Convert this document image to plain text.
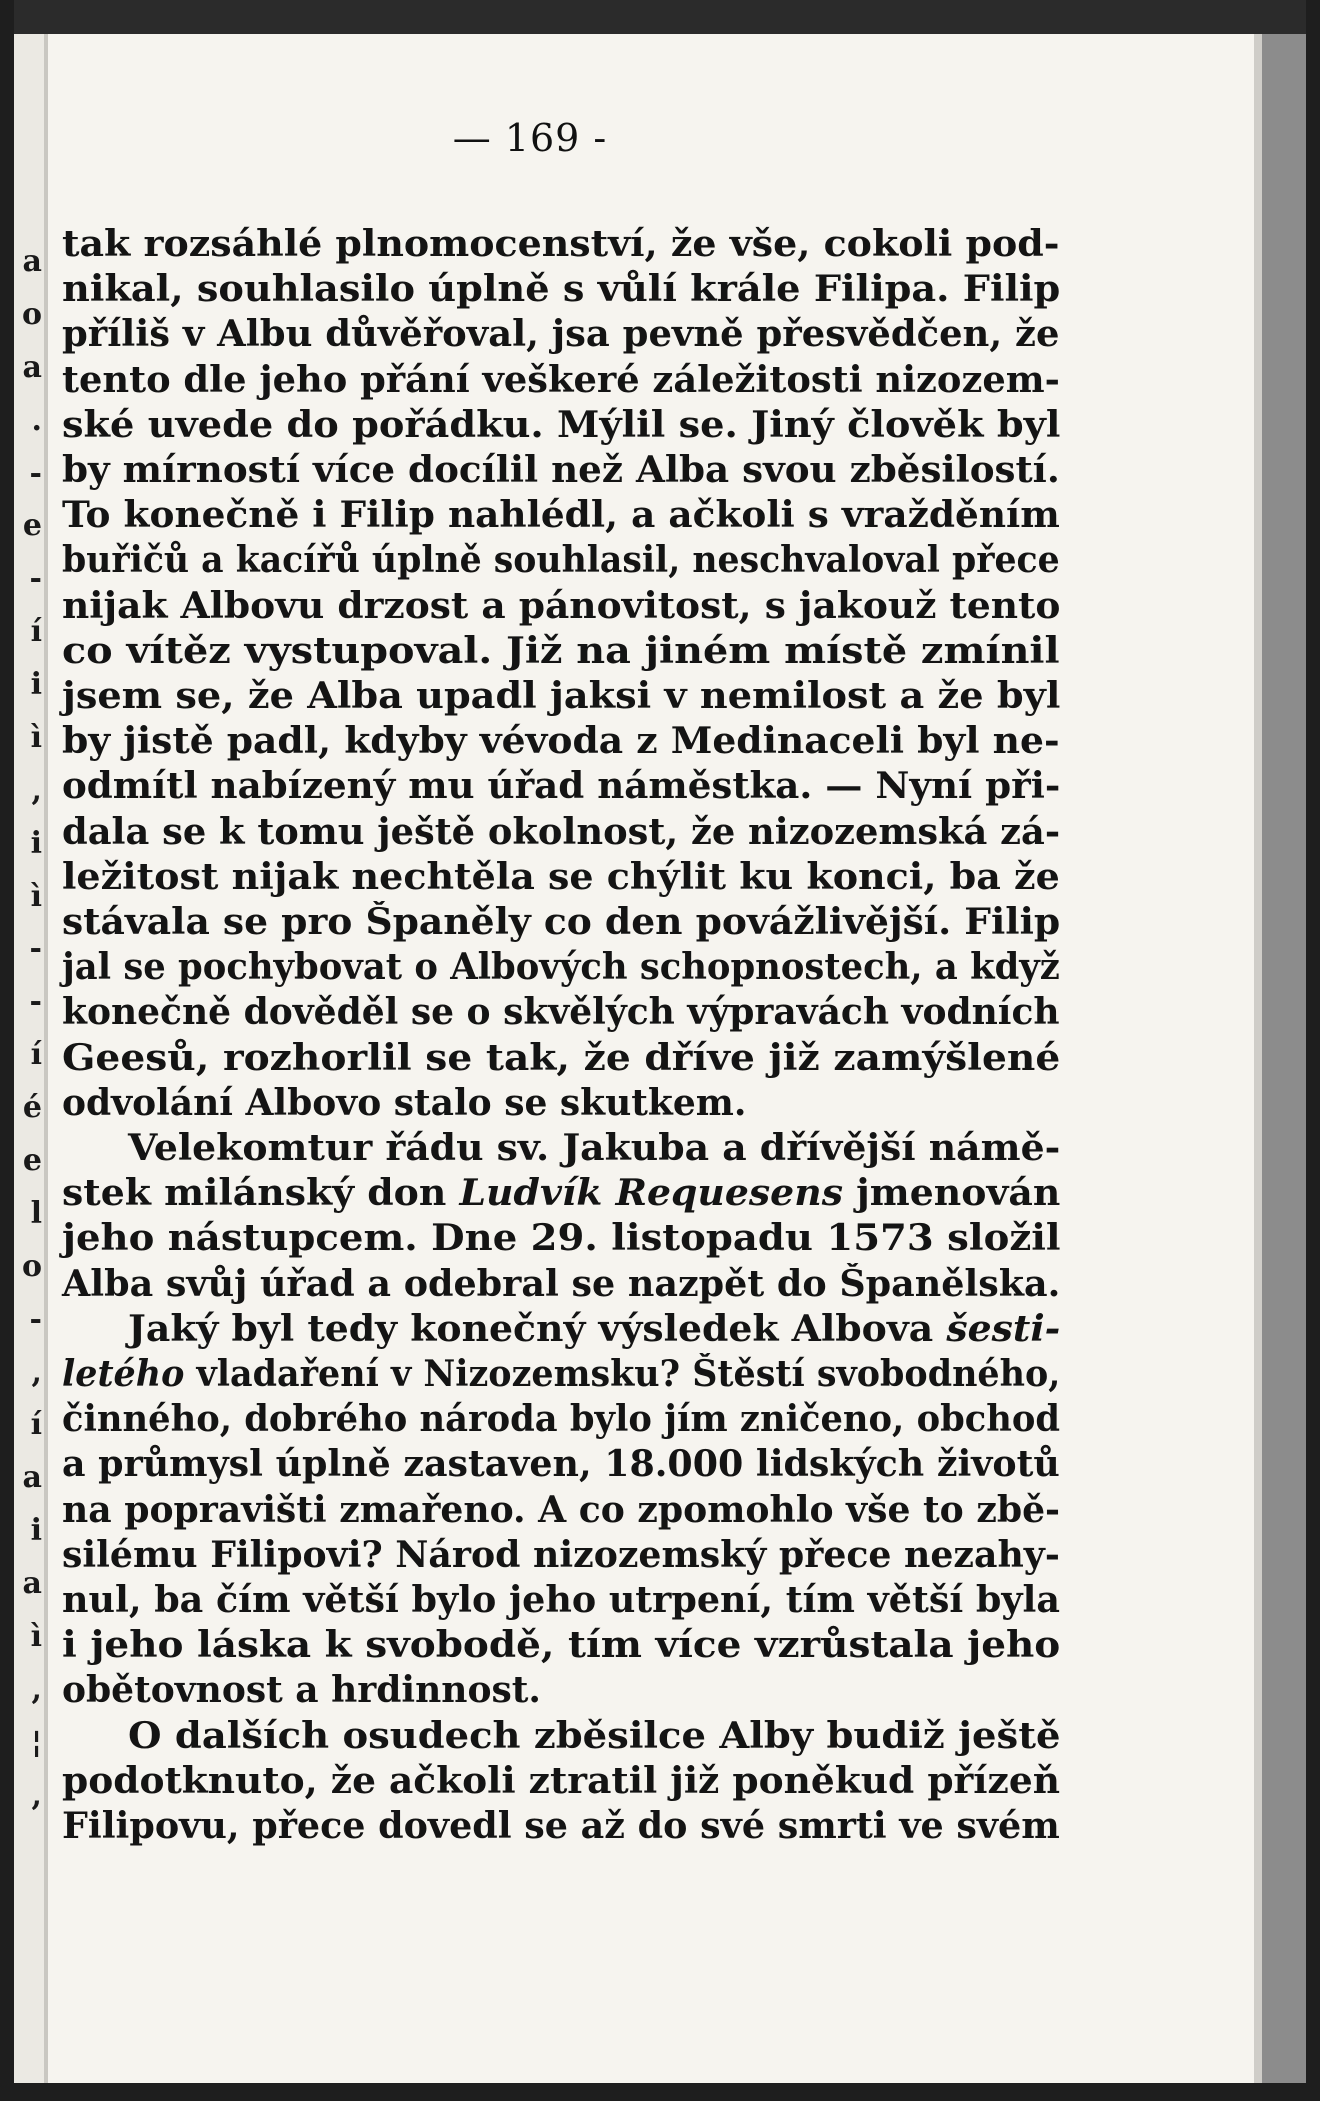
a
o
a
.
-
e
-
í
i
ì
,
i
ì
-
-
í
é
e
l
o
-
,
í
a
i
a
ì
,
¦
,
— 169 -
tak rozsáhlé plnomocenství, že vše, cokoli pod-
nikal, souhlasilo úplně s vůlí krále Filipa. Filip
příliš v Albu důvěřoval, jsa pevně přesvědčen, že
tento dle jeho přání veškeré záležitosti nizozem-
ské uvede do pořádku. Mýlil se. Jiný člověk byl
by mírností více docílil než Alba svou zběsilostí.
To konečně i Filip nahlédl, a ačkoli s vražděním
buřičů a kacířů úplně souhlasil, neschvaloval přece
nijak Albovu drzost a pánovitost, s jakouž tento
co vítěz vystupoval. Již na jiném místě zmínil
jsem se, že Alba upadl jaksi v nemilost a že byl
by jistě padl, kdyby vévoda z Medinaceli byl ne-
odmítl nabízený mu úřad náměstka. — Nyní při-
dala se k tomu ještě okolnost, že nizozemská zá-
ležitost nijak nechtěla se chýlit ku konci, ba že
stávala se pro Španěly co den povážlivější. Filip
jal se pochybovat o Albových schopnostech, a když
konečně dověděl se o skvělých výpravách vodních
Geesů, rozhorlil se tak, že dříve již zamýšlené
odvolání Albovo stalo se skutkem.
Velekomtur řádu sv. Jakuba a dřívější námě-
stek milánský don Ludvík Requesens jmenován
jeho nástupcem. Dne 29. listopadu 1573 složil
Alba svůj úřad a odebral se nazpět do Španělska.
Jaký byl tedy konečný výsledek Albova šesti-
letého vladaření v Nizozemsku? Štěstí svobodného,
činného, dobrého národa bylo jím zničeno, obchod
a průmysl úplně zastaven, 18.000 lidských životů
na popravišti zmařeno. A co zpomohlo vše to zbě-
silému Filipovi? Národ nizozemský přece nezahy-
nul, ba čím větší bylo jeho utrpení, tím větší byla
i jeho láska k svobodě, tím více vzrůstala jeho
obětovnost a hrdinnost.
O dalších osudech zběsilce Alby budiž ještě
podotknuto, že ačkoli ztratil již poněkud přízeň
Filipovu, přece dovedl se až do své smrti ve svém
